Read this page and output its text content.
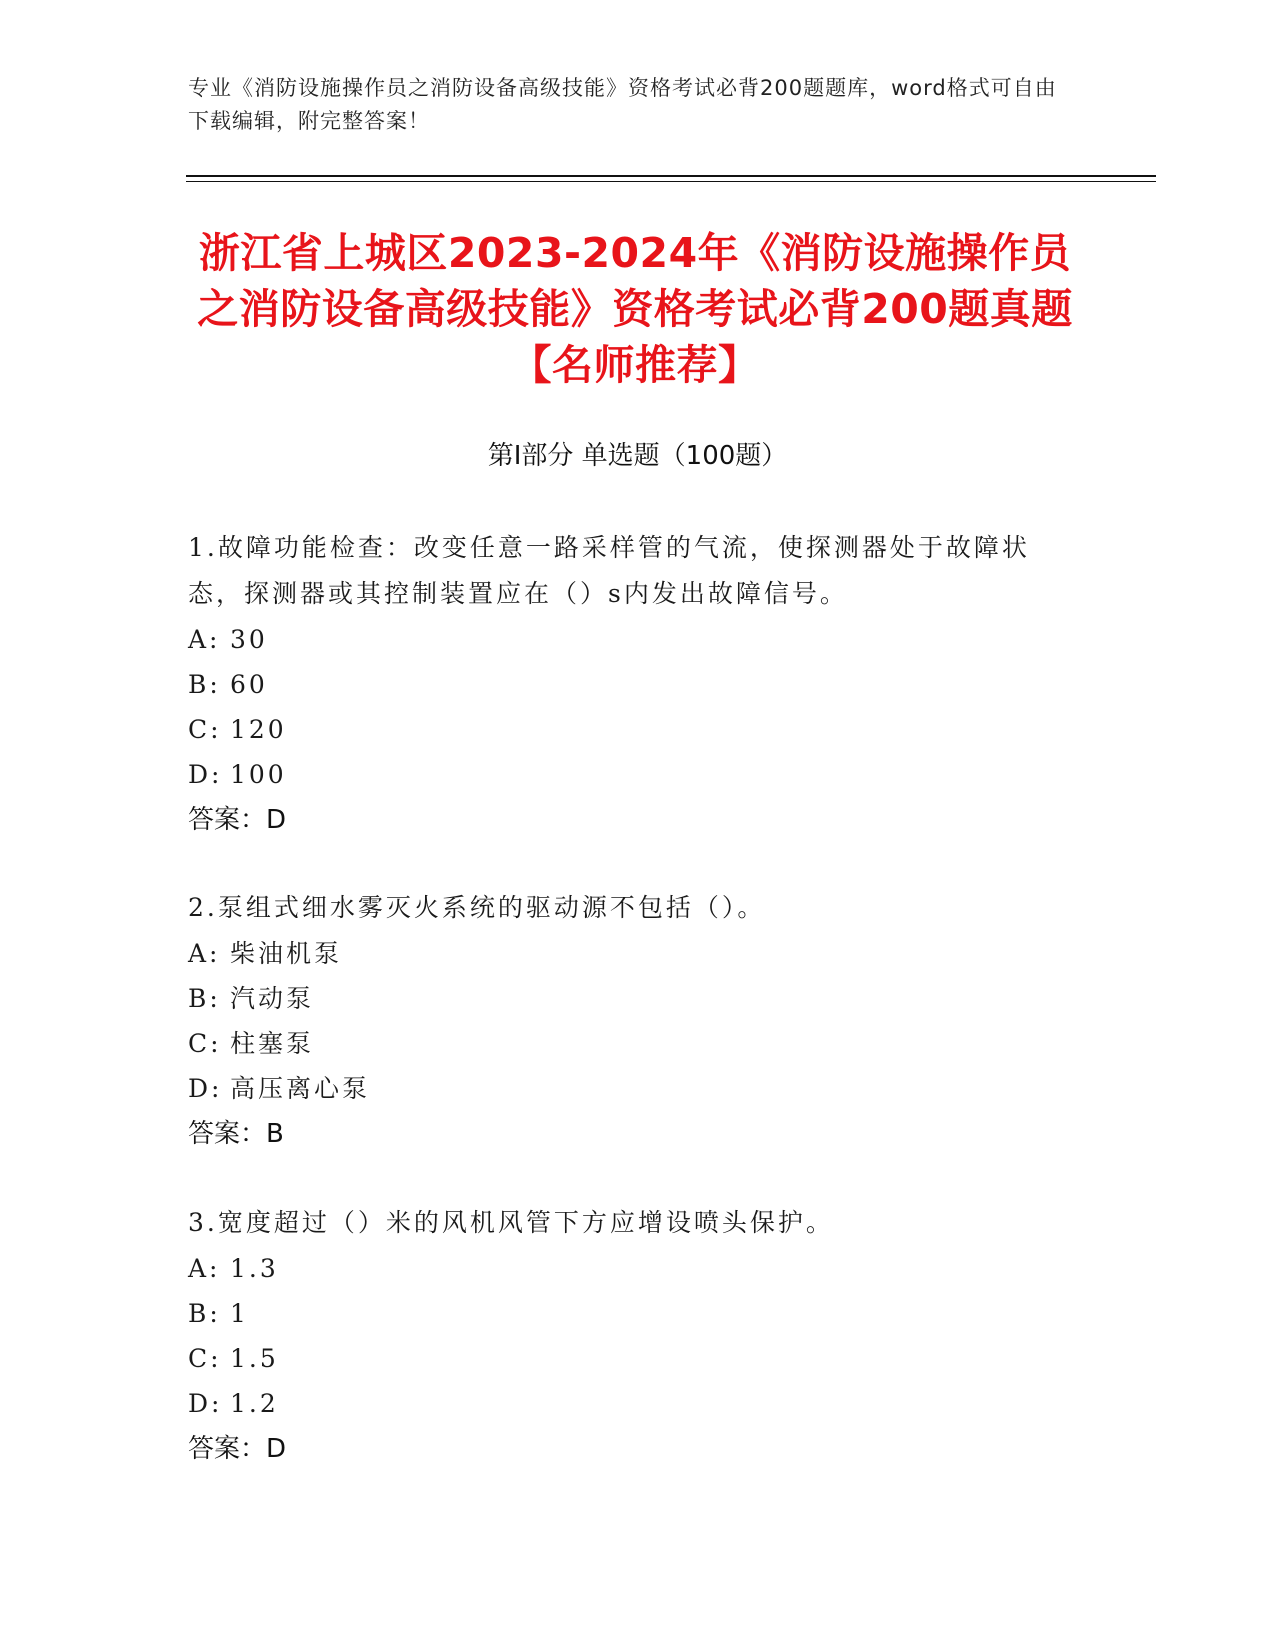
专业《消防设施操作员之消防设备高级技能》资格考试必背200题题库，word格式可自由下载编辑，附完整答案！
浙江省上城区2023-2024年《消防设施操作员之消防设备高级技能》资格考试必背200题真题【名师推荐】
第I部分 单选题（100题）

1.故障功能检查：改变任意一路采样管的气流，使探测器处于故障状态，探测器或其控制装置应在（）s内发出故障信号。

A: 30
B: 60
C: 120
D: 100
答案：D

2.泵组式细水雾灭火系统的驱动源不包括（）。

A: 柴油机泵
B: 汽动泵
C: 柱塞泵
D: 高压离心泵
答案：B

3.宽度超过（）米的风机风管下方应增设喷头保护。

A: 1.3
B: 1
C: 1.5
D: 1.2
答案：D
